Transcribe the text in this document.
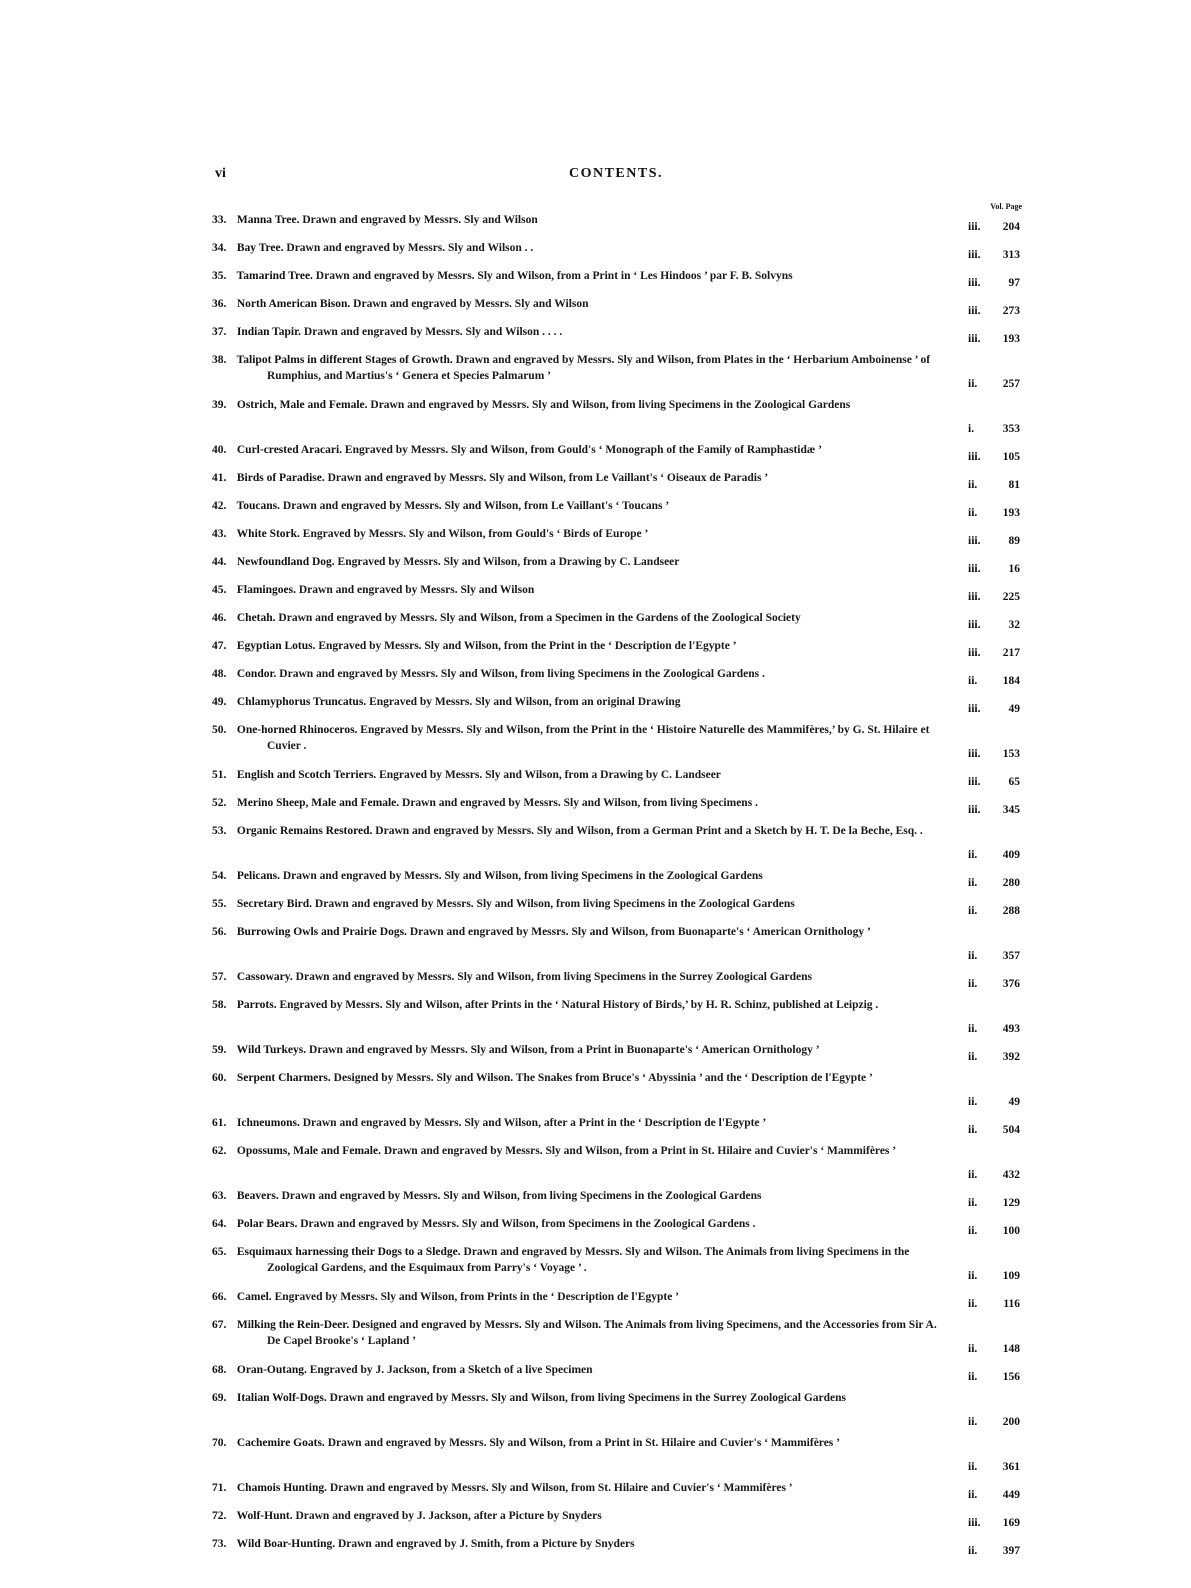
vi	CONTENTS.
Vol. Page
33. Manna Tree. Drawn and engraved by Messrs. Sly and Wilson
iii. 204
34. Bay Tree. Drawn and engraved by Messrs. Sly and Wilson . .
iii. 313
35. Tamarind Tree. Drawn and engraved by Messrs. Sly and Wilson, from a Print in ‘ Les Hindoos ’ par F. B. Solvyns
iii. 97
36. North American Bison. Drawn and engraved by Messrs. Sly and Wilson
iii. 273
37. Indian Tapir. Drawn and engraved by Messrs. Sly and Wilson . . . .
iii. 193
38. Talipot Palms in different Stages of Growth. Drawn and engraved by Messrs. Sly and Wilson, from Plates in the ‘ Herbarium Amboinense ’ of Rumphius, and Martius's ‘ Genera et Species Palmarum ’
ii. 257
39. Ostrich, Male and Female. Drawn and engraved by Messrs. Sly and Wilson, from living Specimens in the Zoological Gardens
i. 353
40. Curl-crested Aracari. Engraved by Messrs. Sly and Wilson, from Gould's ‘ Monograph of the Family of Ramphastidæ ’
iii. 105
41. Birds of Paradise. Drawn and engraved by Messrs. Sly and Wilson, from Le Vaillant's ‘ Oiseaux de Paradis ’
ii.	81
42. Toucans. Drawn and engraved by Messrs. Sly and Wilson, from Le Vaillant's ‘ Toucans ’
ii. 193
43. White Stork. Engraved by Messrs. Sly and Wilson, from Gould's ‘ Birds of Europe ’
iii. 89
44. Newfoundland Dog. Engraved by Messrs. Sly and Wilson, from a Drawing by C. Landseer
iii. 16
45. Flamingoes. Drawn and engraved by Messrs. Sly and Wilson
iii. 225
46. Chetah. Drawn and engraved by Messrs. Sly and Wilson, from a Specimen in the Gardens of the Zoological Society
iii. 32
47. Egyptian Lotus. Engraved by Messrs. Sly and Wilson, from the Print in the ‘ Description de l'Egypte ’
iii. 217
48. Condor. Drawn and engraved by Messrs. Sly and Wilson, from living Specimens in the Zoological Gardens .
ii. 184
49. Chlamyphorus Truncatus. Engraved by Messrs. Sly and Wilson, from an original Drawing
iii. 49
50. One-horned Rhinoceros. Engraved by Messrs. Sly and Wilson, from the Print in the ‘ Histoire Naturelle des Mammifères,’ by G. St. Hilaire et Cuvier .
iii. 153
51. English and Scotch Terriers. Engraved by Messrs. Sly and Wilson, from a Drawing by C. Landseer
iii. 65
52. Merino Sheep, Male and Female. Drawn and engraved by Messrs. Sly and Wilson, from living Specimens .
iii. 345
53. Organic Remains Restored. Drawn and engraved by Messrs. Sly and Wilson, from a German Print and a Sketch by H. T. De la Beche, Esq. .
ii. 409
54. Pelicans. Drawn and engraved by Messrs. Sly and Wilson, from living Specimens in the Zoological Gardens
ii. 280
55. Secretary Bird. Drawn and engraved by Messrs. Sly and Wilson, from living Specimens in the Zoological Gardens
ii. 288
56. Burrowing Owls and Prairie Dogs. Drawn and engraved by Messrs. Sly and Wilson, from Buonaparte's ‘ American Ornithology ’
ii. 357
57. Cassowary. Drawn and engraved by Messrs. Sly and Wilson, from living Specimens in the Surrey Zoological Gardens
ii. 376
58. Parrots. Engraved by Messrs. Sly and Wilson, after Prints in the ‘ Natural History of Birds,’ by H. R. Schinz, published at Leipzig .
ii. 493
59. Wild Turkeys. Drawn and engraved by Messrs. Sly and Wilson, from a Print in Buonaparte's ‘ American Ornithology ’
ii. 392
60. Serpent Charmers. Designed by Messrs. Sly and Wilson. The Snakes from Bruce's ‘ Abyssinia ’ and the ‘ Description de l'Egypte ’
ii.	49
61. Ichneumons. Drawn and engraved by Messrs. Sly and Wilson, after a Print in the ‘ Description de l'Egypte ’
ii. 504
62. Opossums, Male and Female. Drawn and engraved by Messrs. Sly and Wilson, from a Print in St. Hilaire and Cuvier's ‘ Mammifères ’
ii. 432
63. Beavers. Drawn and engraved by Messrs. Sly and Wilson, from living Specimens in the Zoological Gardens
ii. 129
64. Polar Bears. Drawn and engraved by Messrs. Sly and Wilson, from Specimens in the Zoological Gardens .
ii. 100
65. Esquimaux harnessing their Dogs to a Sledge. Drawn and engraved by Messrs. Sly and Wilson. The Animals from living Specimens in the Zoological Gardens, and the Esquimaux from Parry's ‘ Voyage ’ .
ii. 109
66. Camel. Engraved by Messrs. Sly and Wilson, from Prints in the ‘ Description de l'Egypte ’
ii. 116
67. Milking the Rein-Deer. Designed and engraved by Messrs. Sly and Wilson. The Animals from living Specimens, and the Accessories from Sir A. De Capel Brooke's ‘ Lapland ’
ii. 148
68. Oran-Outang. Engraved by J. Jackson, from a Sketch of a live Specimen
ii. 156
69. Italian Wolf-Dogs. Drawn and engraved by Messrs. Sly and Wilson, from living Specimens in the Surrey Zoological Gardens
ii. 200
70. Cachemire Goats. Drawn and engraved by Messrs. Sly and Wilson, from a Print in St. Hilaire and Cuvier's ‘ Mammifères ’
ii. 361
71. Chamois Hunting. Drawn and engraved by Messrs. Sly and Wilson, from St. Hilaire and Cuvier's ‘ Mammifères ’
ii. 449
72. Wolf-Hunt. Drawn and engraved by J. Jackson, after a Picture by Snyders
iii. 169
73. Wild Boar-Hunting. Drawn and engraved by J. Smith, from a Picture by Snyders
ii. 397
